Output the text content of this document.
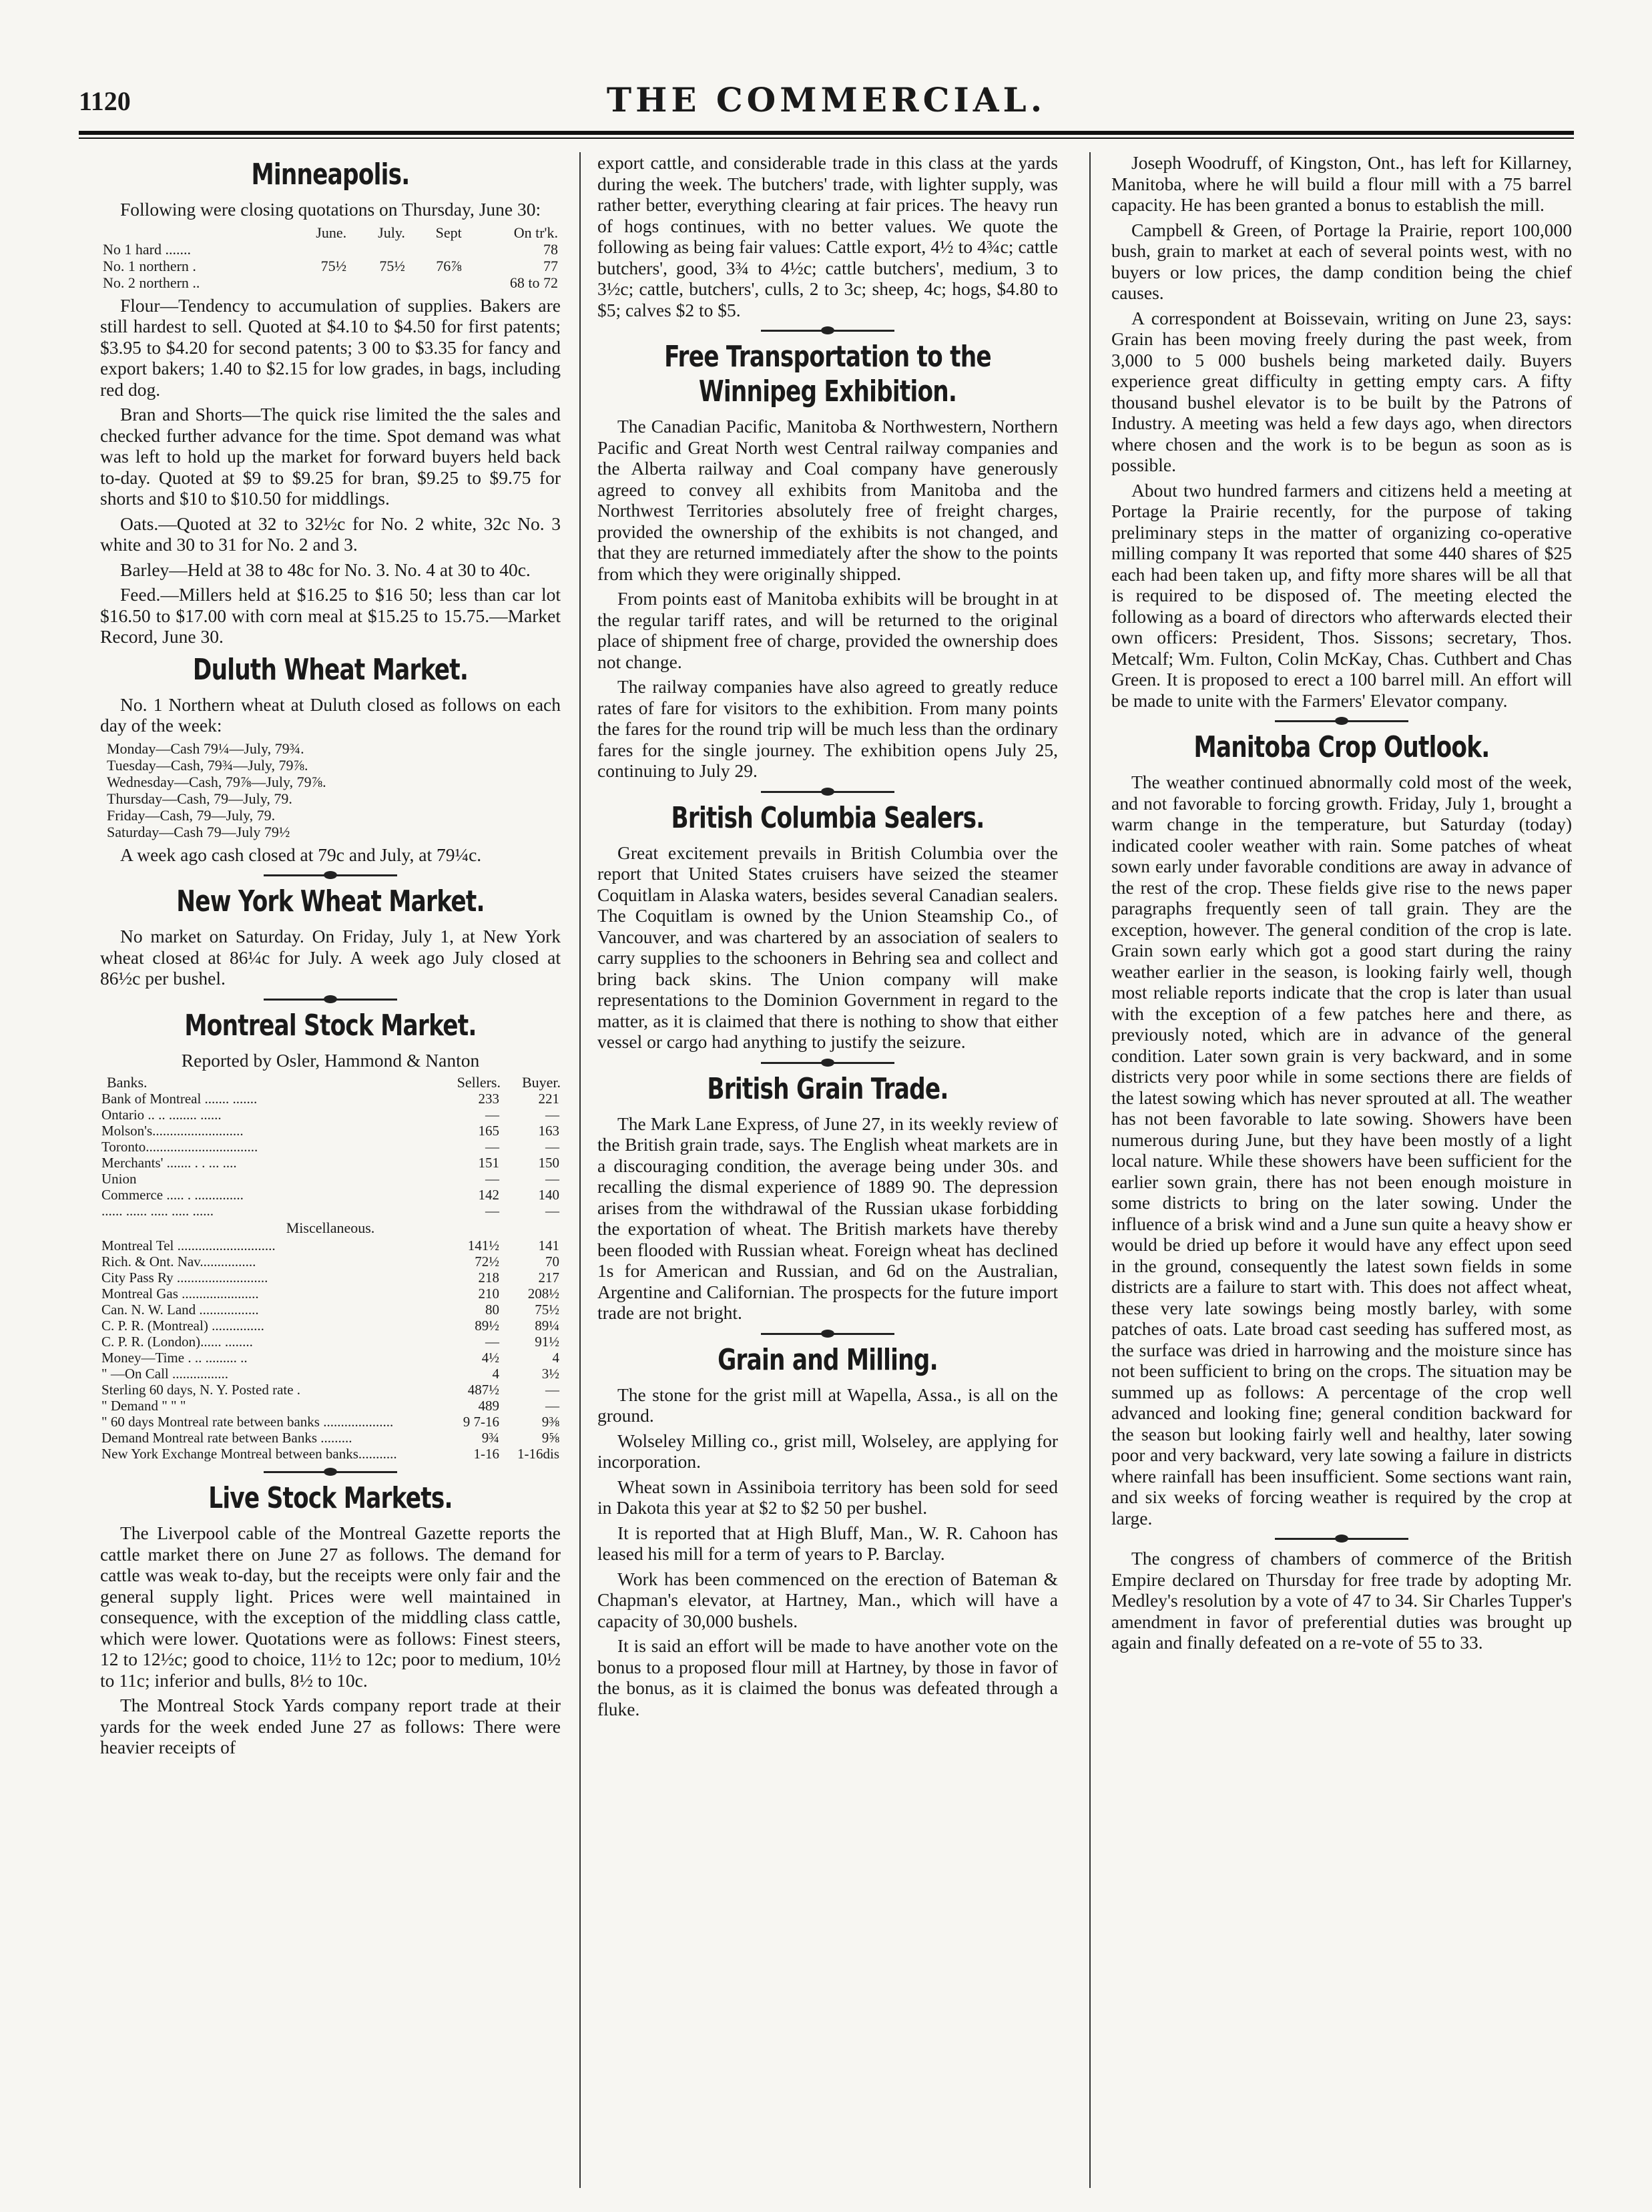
1120	THE COMMERCIAL.
Minneapolis.
Following were closing quotations on Thursday, June 30:
	June.	July.	Sept	On tr'k.
No 1 hard .......				78
No. 1 northern .	75½	75½	76⅞	77
No. 2 northern ..				68 to 72
Flour—Tendency to accumulation of supplies. Bakers are still hardest to sell. Quoted at $4.10 to $4.50 for first patents; $3.95 to $4.20 for second patents; 3 00 to $3.35 for fancy and export bakers; 1.40 to $2.15 for low grades, in bags, including red dog.
Bran and Shorts—The quick rise limited the the sales and checked further advance for the time. Spot demand was what was left to hold up the market for forward buyers held back to-day. Quoted at $9 to $9.25 for bran, $9.25 to $9.75 for shorts and $10 to $10.50 for middlings.
Oats.—Quoted at 32 to 32½c for No. 2 white, 32c No. 3 white and 30 to 31 for No. 2 and 3.
Barley—Held at 38 to 48c for No. 3. No. 4 at 30 to 40c.
Feed.—Millers held at $16.25 to $16 50; less than car lot $16.50 to $17.00 with corn meal at $15.25 to 15.75.—Market Record, June 30.
Duluth Wheat Market.
No. 1 Northern wheat at Duluth closed as follows on each day of the week:
Monday—Cash 79¼—July, 79¾.
Tuesday—Cash, 79¾—July, 79⅞.
Wednesday—Cash, 79⅞—July, 79⅞.
Thursday—Cash, 79—July, 79.
Friday—Cash, 79—July, 79.
Saturday—Cash 79—July 79½
A week ago cash closed at 79c and July, at 79¼c.
New York Wheat Market.
No market on Saturday. On Friday, July 1, at New York wheat closed at 86¼c for July. A week ago July closed at 86½c per bushel.
Montreal Stock Market.
Reported by Osler, Hammond & Nanton
Banks.	Sellers.	Buyer.
Bank of Montreal ....... .......	233	221
Ontario .. .. ........ ......	—	—
Molson's..........................	165	163
Toronto................................	—	—
Merchants' ....... . . ... ....	151	150
Union	—	—
Commerce ..... . ..............	142	140
...... ...... ..... ..... ......	—	—
Miscellaneous.		
Montreal Tel ............................	141½	141
Rich. & Ont. Nav................	72½	70
City Pass Ry ..........................	218	217
Montreal Gas ......................	210	208½
Can. N. W. Land .................	80	75½
C. P. R. (Montreal) ...............	89½	89¼
C. P. R. (London)...... ........	—	91½
Money—Time . .. ......... ..	4½	4
" —On Call ................	4	3½
Sterling 60 days, N. Y. Posted rate .	487½	—
" Demand " " "	489	—
" 60 days Montreal rate between banks ....................	9 7-16	9⅜
Demand Montreal rate between Banks .........	9¾	9⅝
New York Exchange Montreal between banks...........	1-16	1-16dis
Live Stock Markets.
The Liverpool cable of the Montreal Gazette reports the cattle market there on June 27 as follows. The demand for cattle was weak to-day, but the receipts were only fair and the general supply light. Prices were well maintained in consequence, with the exception of the middling class cattle, which were lower. Quotations were as follows: Finest steers, 12 to 12½c; good to choice, 11½ to 12c; poor to medium, 10½ to 11c; inferior and bulls, 8½ to 10c.
The Montreal Stock Yards company report trade at their yards for the week ended June 27 as follows: There were heavier receipts of
export cattle, and considerable trade in this class at the yards during the week. The butchers' trade, with lighter supply, was rather better, everything clearing at fair prices. The heavy run of hogs continues, with no better values. We quote the following as being fair values: Cattle export, 4½ to 4¾c; cattle butchers', good, 3¾ to 4½c; cattle butchers', medium, 3 to 3½c; cattle, butchers', culls, 2 to 3c; sheep, 4c; hogs, $4.80 to $5; calves $2 to $5.
Free Transportation to the Winnipeg Exhibition.
The Canadian Pacific, Manitoba & Northwestern, Northern Pacific and Great North west Central railway companies and the Alberta railway and Coal company have generously agreed to convey all exhibits from Manitoba and the Northwest Territories absolutely free of freight charges, provided the ownership of the exhibits is not changed, and that they are returned immediately after the show to the points from which they were originally shipped.
From points east of Manitoba exhibits will be brought in at the regular tariff rates, and will be returned to the original place of shipment free of charge, provided the ownership does not change.
The railway companies have also agreed to greatly reduce rates of fare for visitors to the exhibition. From many points the fares for the round trip will be much less than the ordinary fares for the single journey. The exhibition opens July 25, continuing to July 29.
British Columbia Sealers.
Great excitement prevails in British Columbia over the report that United States cruisers have seized the steamer Coquitlam in Alaska waters, besides several Canadian sealers. The Coquitlam is owned by the Union Steamship Co., of Vancouver, and was chartered by an association of sealers to carry supplies to the schooners in Behring sea and collect and bring back skins. The Union company will make representations to the Dominion Government in regard to the matter, as it is claimed that there is nothing to show that either vessel or cargo had anything to justify the seizure.
British Grain Trade.
The Mark Lane Express, of June 27, in its weekly review of the British grain trade, says. The English wheat markets are in a discouraging condition, the average being under 30s. and recalling the dismal experience of 1889 90. The depression arises from the withdrawal of the Russian ukase forbidding the exportation of wheat. The British markets have thereby been flooded with Russian wheat. Foreign wheat has declined 1s for American and Russian, and 6d on the Australian, Argentine and Californian. The prospects for the future import trade are not bright.
Grain and Milling.
The stone for the grist mill at Wapella, Assa., is all on the ground.
Wolseley Milling co., grist mill, Wolseley, are applying for incorporation.
Wheat sown in Assiniboia territory has been sold for seed in Dakota this year at $2 to $2 50 per bushel.
It is reported that at High Bluff, Man., W. R. Cahoon has leased his mill for a term of years to P. Barclay.
Work has been commenced on the erection of Bateman & Chapman's elevator, at Hartney, Man., which will have a capacity of 30,000 bushels.
It is said an effort will be made to have another vote on the bonus to a proposed flour mill at Hartney, by those in favor of the bonus, as it is claimed the bonus was defeated through a fluke.
Joseph Woodruff, of Kingston, Ont., has left for Killarney, Manitoba, where he will build a flour mill with a 75 barrel capacity. He has been granted a bonus to establish the mill.
Campbell & Green, of Portage la Prairie, report 100,000 bush, grain to market at each of several points west, with no buyers or low prices, the damp condition being the chief causes.
A correspondent at Boissevain, writing on June 23, says: Grain has been moving freely during the past week, from 3,000 to 5 000 bushels being marketed daily. Buyers experience great difficulty in getting empty cars. A fifty thousand bushel elevator is to be built by the Patrons of Industry. A meeting was held a few days ago, when directors where chosen and the work is to be begun as soon as is possible.
About two hundred farmers and citizens held a meeting at Portage la Prairie recently, for the purpose of taking preliminary steps in the matter of organizing co-operative milling company It was reported that some 440 shares of $25 each had been taken up, and fifty more shares will be all that is required to be disposed of. The meeting elected the following as a board of directors who afterwards elected their own officers: President, Thos. Sissons; secretary, Thos. Metcalf; Wm. Fulton, Colin McKay, Chas. Cuthbert and Chas Green. It is proposed to erect a 100 barrel mill. An effort will be made to unite with the Farmers' Elevator company.
Manitoba Crop Outlook.
The weather continued abnormally cold most of the week, and not favorable to forcing growth. Friday, July 1, brought a warm change in the temperature, but Saturday (today) indicated cooler weather with rain. Some patches of wheat sown early under favorable conditions are away in advance of the rest of the crop. These fields give rise to the news paper paragraphs frequently seen of tall grain. They are the exception, however. The general condition of the crop is late. Grain sown early which got a good start during the rainy weather earlier in the season, is looking fairly well, though most reliable reports indicate that the crop is later than usual with the exception of a few patches here and there, as previously noted, which are in advance of the general condition. Later sown grain is very backward, and in some districts very poor while in some sections there are fields of the latest sowing which has never sprouted at all. The weather has not been favorable to late sowing. Showers have been numerous during June, but they have been mostly of a light local nature. While these showers have been sufficient for the earlier sown grain, there has not been enough moisture in some districts to bring on the later sowing. Under the influence of a brisk wind and a June sun quite a heavy show er would be dried up before it would have any effect upon seed in the ground, consequently the latest sown fields in some districts are a failure to start with. This does not affect wheat, these very late sowings being mostly barley, with some patches of oats. Late broad cast seeding has suffered most, as the surface was dried in harrowing and the moisture since has not been sufficient to bring on the crops. The situation may be summed up as follows: A percentage of the crop well advanced and looking fine; general condition backward for the season but looking fairly well and healthy, later sowing poor and very backward, very late sowing a failure in districts where rainfall has been insufficient. Some sections want rain, and six weeks of forcing weather is required by the crop at large.
The congress of chambers of commerce of the British Empire declared on Thursday for free trade by adopting Mr. Medley's resolution by a vote of 47 to 34. Sir Charles Tupper's amendment in favor of preferential duties was brought up again and finally defeated on a re-vote of 55 to 33.
